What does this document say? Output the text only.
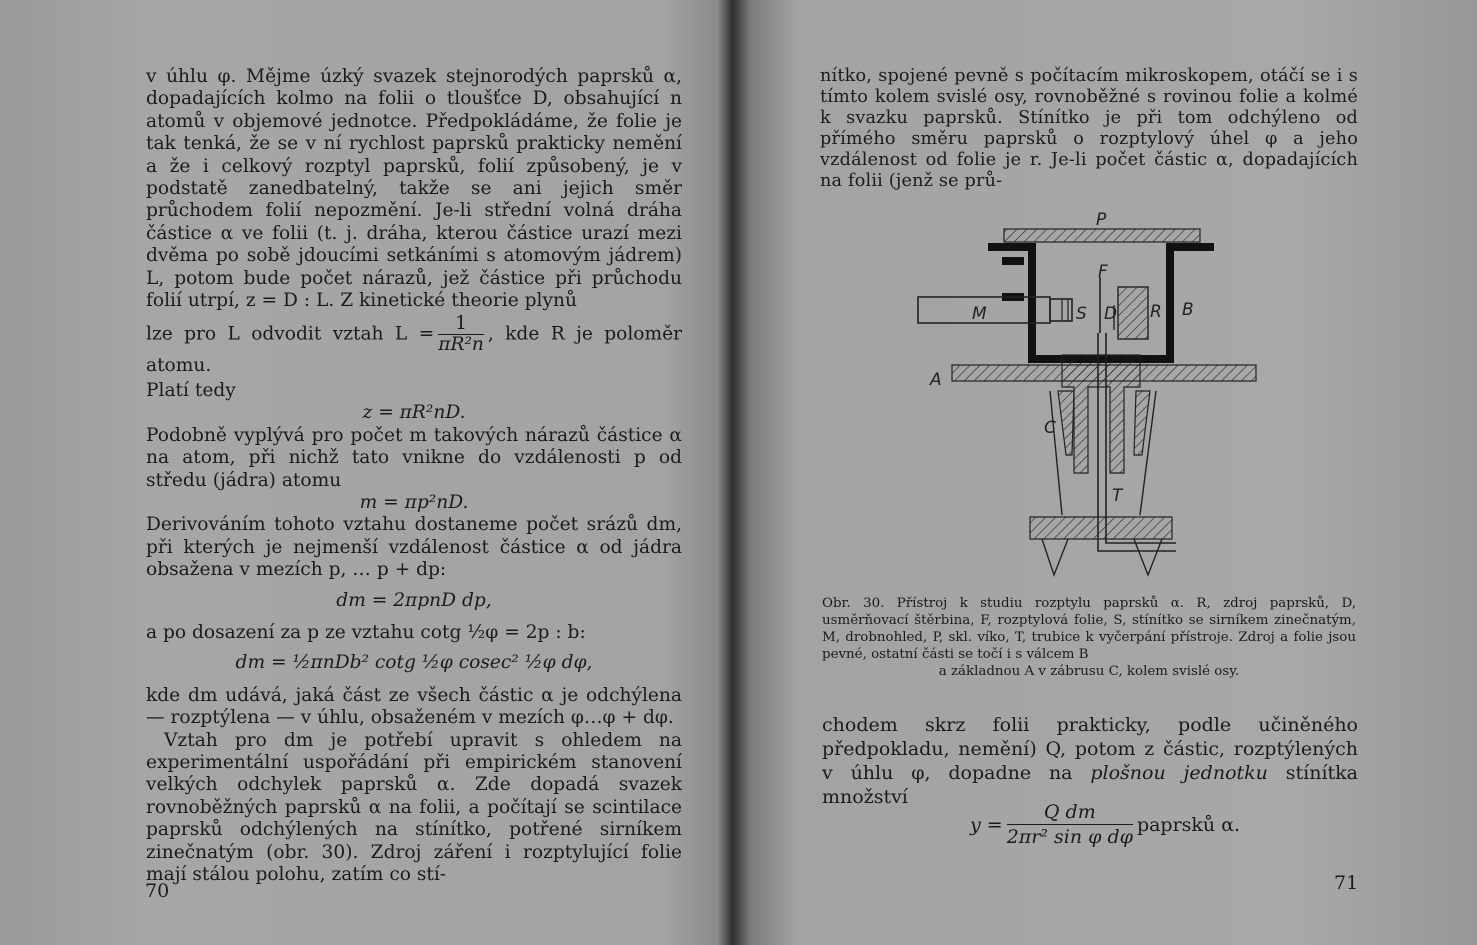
v úhlu φ. Mějme úzký svazek stejnorodých paprsků α, dopadajících kolmo na folii o tloušťce D, obsahující n atomů v objemové jednotce. Předpokládáme, že folie je tak tenká, že se v ní rychlost paprsků prakticky nemění a že i celkový rozptyl paprsků, folií způsobený, je v podstatě zanedbatelný, takže se ani jejich směr průchodem folií nepozmění. Je-li střední volná dráha částice α ve folii (t. j. dráha, kterou částice urazí mezi dvěma po sobě jdoucími setkáními s atomovým jádrem) L, potom bude počet nárazů, jež částice při průchodu folií utrpí, z = D : L. Z kinetické theorie plynů

lze pro L odvodit vztah $L = \frac{1}{\text{πR²n}}$ , kde R je poloměr atomu.

Platí tedy

z = πR²nD.

Podobně vyplývá pro počet m takových nárazů částice α na atom, při nichž tato vnikne do vzdálenosti p od středu (jádra) atomu

m = πp²nD.

Derivováním tohoto vztahu dostaneme počet srázů dm, při kterých je nejmenší vzdálenost částice α od jádra obsažena v mezích p, … p + dp:

dm = 2πpnD dp,

a po dosazení za p ze vztahu cotg ½φ = 2p : b:

dm = ½πnDb² cotg ½φ cosec² ½φ dφ,

kde dm udává, jaká část ze všech částic α je odchýlena — rozptýlena — v úhlu, obsaženém v mezích φ…φ + dφ.

Vztah pro dm je potřebí upravit s ohledem na experimentální uspořádání při empirickém stanovení velkých odchylek paprsků α. Zde dopadá svazek rovnoběžných paprsků α na folii, a počítají se scintilace paprsků odchýlených na stínítko, potřené sirníkem zinečnatým (obr. 30). Zdroj záření i rozptylující folie mají stálou polohu, zatím co stí-

70

nítko, spojené pevně s počítacím mikroskopem, otáčí se i s tímto kolem svislé osy, rovnoběžné s rovinou folie a kolmé k svazku paprsků. Stínítko je při tom odchýleno od přímého směru paprsků o rozptylový úhel φ a jeho vzdálenost od folie je r. Je-li počet částic α, dopadajících na folii (jenž se prů-

P
F
M	S D R B
A
C
T

Obr. 30. Přístroj k studiu rozptylu paprsků α. R, zdroj paprsků, D, usměrňovací štěrbina, F, rozptylová folie, S, stínítko se sirníkem zinečnatým, M, drobnohled, P, skl. víko, T, trubice k vyčerpání přístroje. Zdroj a folie jsou pevné, ostatní části se točí i s válcem B

a základnou A v zábrusu C, kolem svislé osy.

chodem skrz folii prakticky, podle učiněného předpokladu, nemění) Q, potom z částic, rozptýlených v úhlu φ, dopadne na plošnou jednotku stínítka množství

$y = \frac{\text{Q dm}}{\text{2πr² sin φ dφ}}$ paprsků α.
71
